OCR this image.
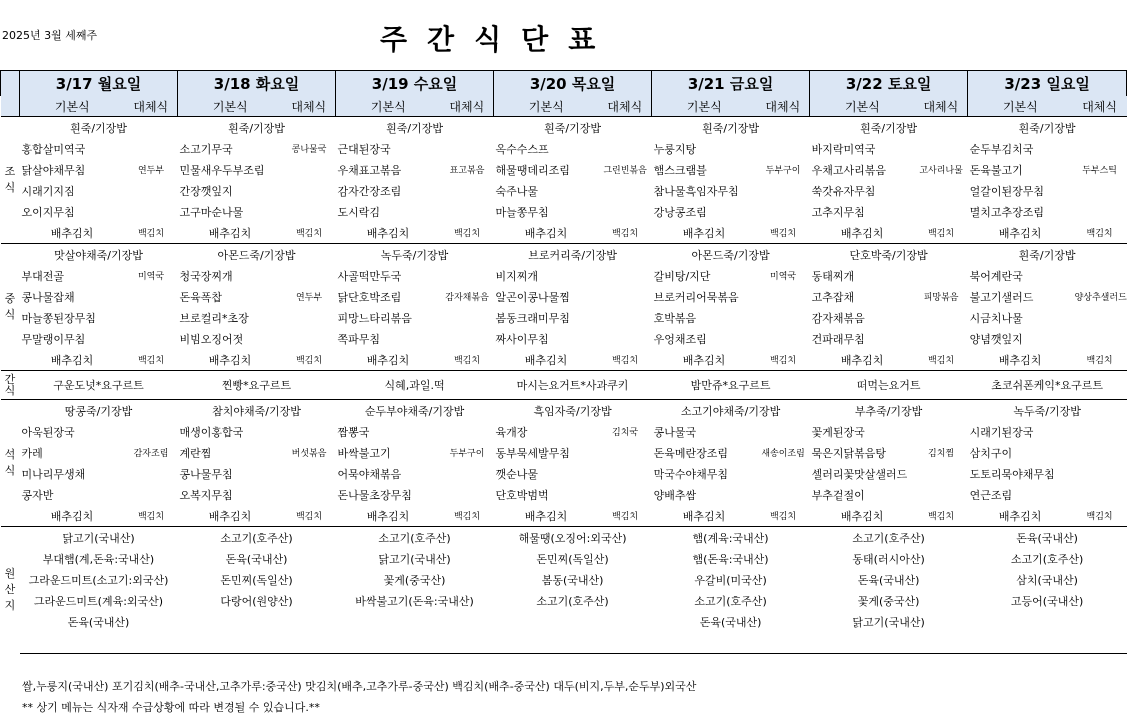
2025년 3월 세째주	주간식단표
	3/17 월요일		3/18 화요일		3/19 수요일		3/20 목요일		3/21 금요일		3/22 토요일		3/23 일요일	
	기본식	대체식	기본식	대체식	기본식	대체식	기본식	대체식	기본식	대체식	기본식	대체식	기본식	대체식
조
식	흰죽/기장밥		흰죽/기장밥		흰죽/기장밥		흰죽/기장밥		흰죽/기장밥		흰죽/기장밥		흰죽/기장밥	
	홍합살미역국		소고기무국	콩나물국	근대된장국		옥수수스프		누룽지탕		바지락미역국		순두부김치국	
	닭살야채무침	연두부	민물새우두부조림		우채표고볶음	표고볶음	해물땡데리조림	그린빈볶음	햄스크램블	두부구이	우채고사리볶음	고사리나물	돈육불고기	두부스틱
	시래기지짐		간장깻잎지		감자간장조림		숙주나물		참나물흑임자무침		쑥갓유자무침		얼갈이된장무침	
	오이지무침		고구마순나물		도시락김		마늘쫑무침		강낭콩조림		고추지무침		멸치고추장조림	
	배추김치	백김치	배추김치	백김치	배추김치	백김치	배추김치	백김치	배추김치	백김치	배추김치	백김치	배추김치	백김치
중
식	맛살야채죽/기장밥		아몬드죽/기장밥		녹두죽/기장밥		브로커리죽/기장밥		아몬드죽/기장밥		단호박죽/기장밥		흰죽/기장밥	
	부대전골	미역국	청국장찌개		사골떡만두국		비지찌개		갈비탕/지단	미역국	동태찌개		북어계란국	
	콩나물잡채		돈육폭찹	연두부	닭단호박조림	감자채볶음	알곤이콩나물찜		브로커리어묵볶음		고추잡채	피망볶음	불고기샐러드	양상추샐러드
	마늘쫑된장무침		브로컬리*초장		피망느타리볶음		봄동크래미무침		호박볶음		감자채볶음		시금치나물	
	무말랭이무침		비빔오징어젓		쪽파무침		짜사이무침		우엉채조림		건파래무침		양념깻잎지	
	배추김치	백김치	배추김치	백김치	배추김치	백김치	배추김치	백김치	배추김치	백김치	배추김치	백김치	배추김치	백김치
간
식	구운도넛*요구르트		찐빵*요구르트		식혜,과일.떡		마시는요거트*사과쿠키		밤만쥬*요구르트		떠먹는요거트		초코쉬폰케익*요구르트	
석
식	땅콩죽/기장밥		참치야채죽/기장밥		순두부야채죽/기장밥		흑임자죽/기장밥		소고기야채죽/기장밥		부추죽/기장밥		녹두죽/기장밥	
	아욱된장국		매생이홍합국		짬뽕국		육개장	김치국	콩나물국		꽃게된장국		시래기된장국	
	카레	감자조림	계란찜	버섯볶음	바싹불고기	두부구이	동부묵세발무침		돈육메란장조림	새송이조림	묵은지닭볶음탕	김치찜	삼치구이	
	미나리무생채		콩나물무침		어묵야채볶음		깻순나물		막국수야채무침		셀러리꽃맛살샐러드		도토리묵야채무침	
	콩자반		오복지무침		돈나물초장무침		단호박범벅		양배추쌈		부추겉절이		연근조림	
	배추김치	백김치	배추김치	백김치	배추김치	백김치	배추김치	백김치	배추김치	백김치	배추김치	백김치	배추김치	백김치
원
산
지	닭고기(국내산)		소고기(호주산)		소고기(호주산)		해물땡(오징어:외국산)		햄(계육:국내산)		소고기(호주산)		돈육(국내산)	
	부대햄(계,돈육:국내산)		돈육(국내산)		닭고기(국내산)		돈민찌(독일산)		햄(돈육:국내산)		동태(러시아산)		소고기(호주산)	
	그라운드미트(소고기:외국산)		돈민찌(독일산)		꽃게(중국산)		봄동(국내산)		우갈비(미국산)		돈육(국내산)		삼치(국내산)	
	그라운드미트(계육:외국산)		다랑어(원양산)		바싹불고기(돈육:국내산)		소고기(호주산)		소고기(호주산)		꽃게(중국산)		고등어(국내산)	
	돈육(국내산)								돈육(국내산)		닭고기(국내산)			

쌀,누룽지(국내산) 포기김치(배추-국내산,고추가루:중국산) 맛김치(배추,고추가루-중국산) 백김치(배추-중국산) 대두(비지,두부,순두부)외국산
** 상기 메뉴는 식자재 수급상황에 따라 변경될 수 있습니다.**
